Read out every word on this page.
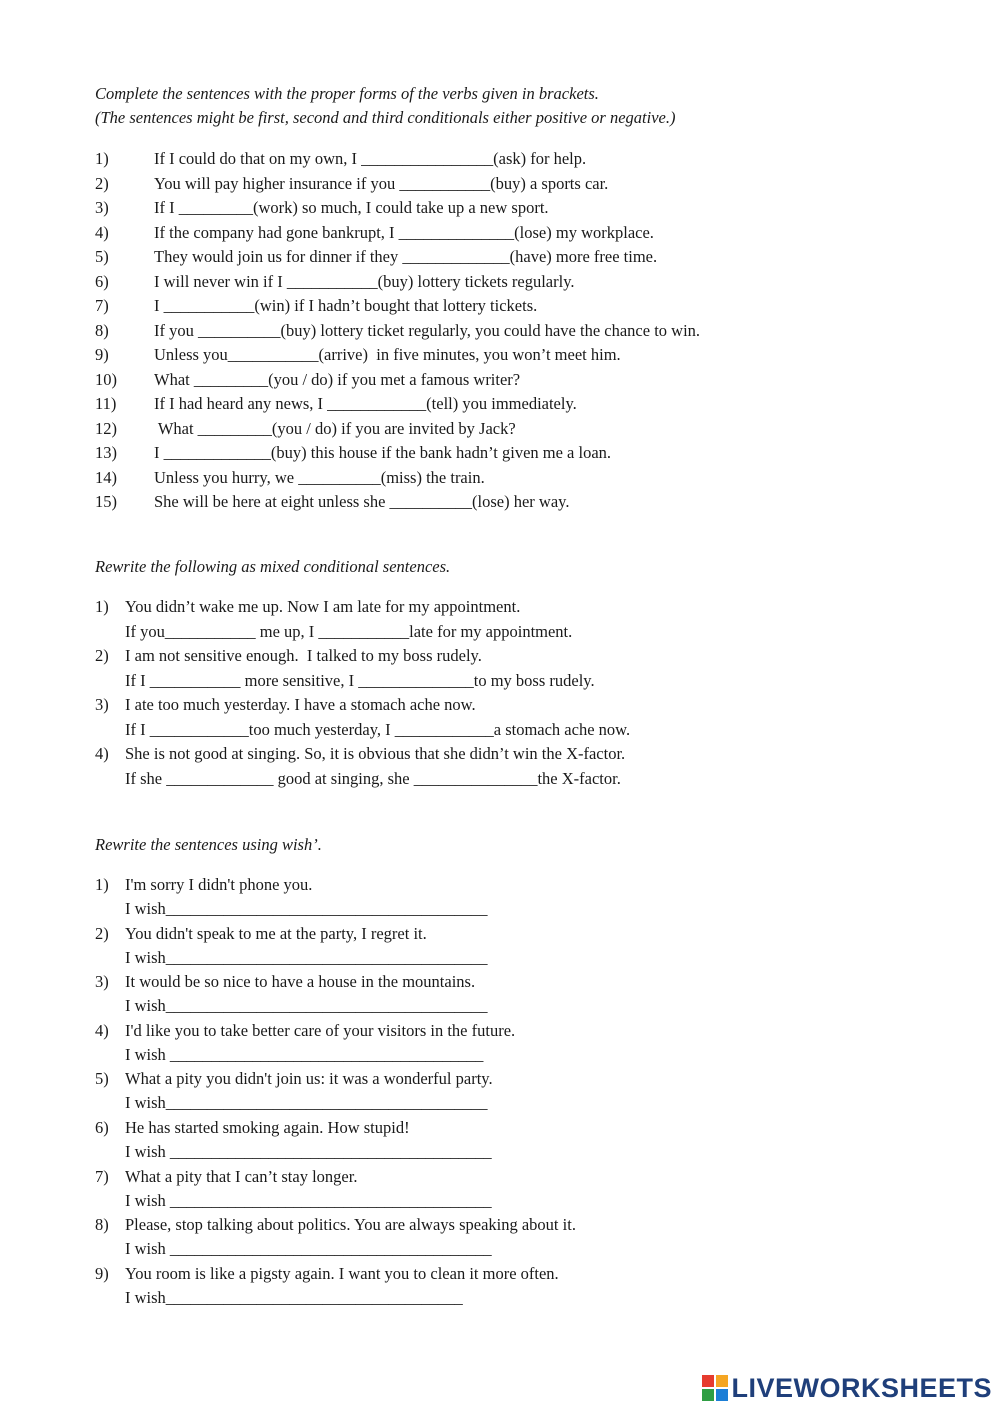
Complete the sentences with the proper forms of the verbs given in brackets.

(The sentences might be first, second and third conditionals either positive or negative.)

1)	If I could do that on my own, I ________________(ask) for help.
2)	You will pay higher insurance if you ___________(buy) a sports car.
3)	If I _________(work) so much, I could take up a new sport.
4)	If the company had gone bankrupt, I ______________(lose) my workplace.
5)	They would join us for dinner if they _____________(have) more free time.
6)	I will never win if I ___________(buy) lottery tickets regularly.
7)	I ___________(win) if I hadn’t bought that lottery tickets.
8)	If you __________(buy) lottery ticket regularly, you could have the chance to win.
9)	Unless you___________(arrive)  in five minutes, you won’t meet him.
10) What _________(you / do) if you met a famous writer?
11) If I had heard any news, I ____________(tell) you immediately.
12) What _________(you / do) if you are invited by Jack?
13) I _____________(buy) this house if the bank hadn’t given me a loan.
14) Unless you hurry, we __________(miss) the train.
15) She will be here at eight unless she __________(lose) her way.

Rewrite the following as mixed conditional sentences.

1) You didn’t wake me up. Now I am late for my appointment.
If you___________ me up, I ___________late for my appointment.
2) I am not sensitive enough.  I talked to my boss rudely.
If I ___________ more sensitive, I ______________to my boss rudely.
3) I ate too much yesterday. I have a stomach ache now.
If I ____________too much yesterday, I ____________a stomach ache now.
4) She is not good at singing. So, it is obvious that she didn’t win the X-factor.
If she _____________ good at singing, she _______________the X-factor.

Rewrite the sentences using wish’.

1) I'm sorry I didn't phone you.
I wish_______________________________________
2) You didn't speak to me at the party, I regret it.
I wish_______________________________________
3) It would be so nice to have a house in the mountains.
I wish_______________________________________
4) I'd like you to take better care of your visitors in the future.
I wish ______________________________________
5) What a pity you didn't join us: it was a wonderful party.
I wish_______________________________________
6) He has started smoking again. How stupid!
I wish _______________________________________
7) What a pity that I can’t stay longer.
I wish _______________________________________
8) Please, stop talking about politics. You are always speaking about it.
I wish _______________________________________
9) You room is like a pigsty again. I want you to clean it more often.
I wish____________________________________
LIVEWORKSHEETS
